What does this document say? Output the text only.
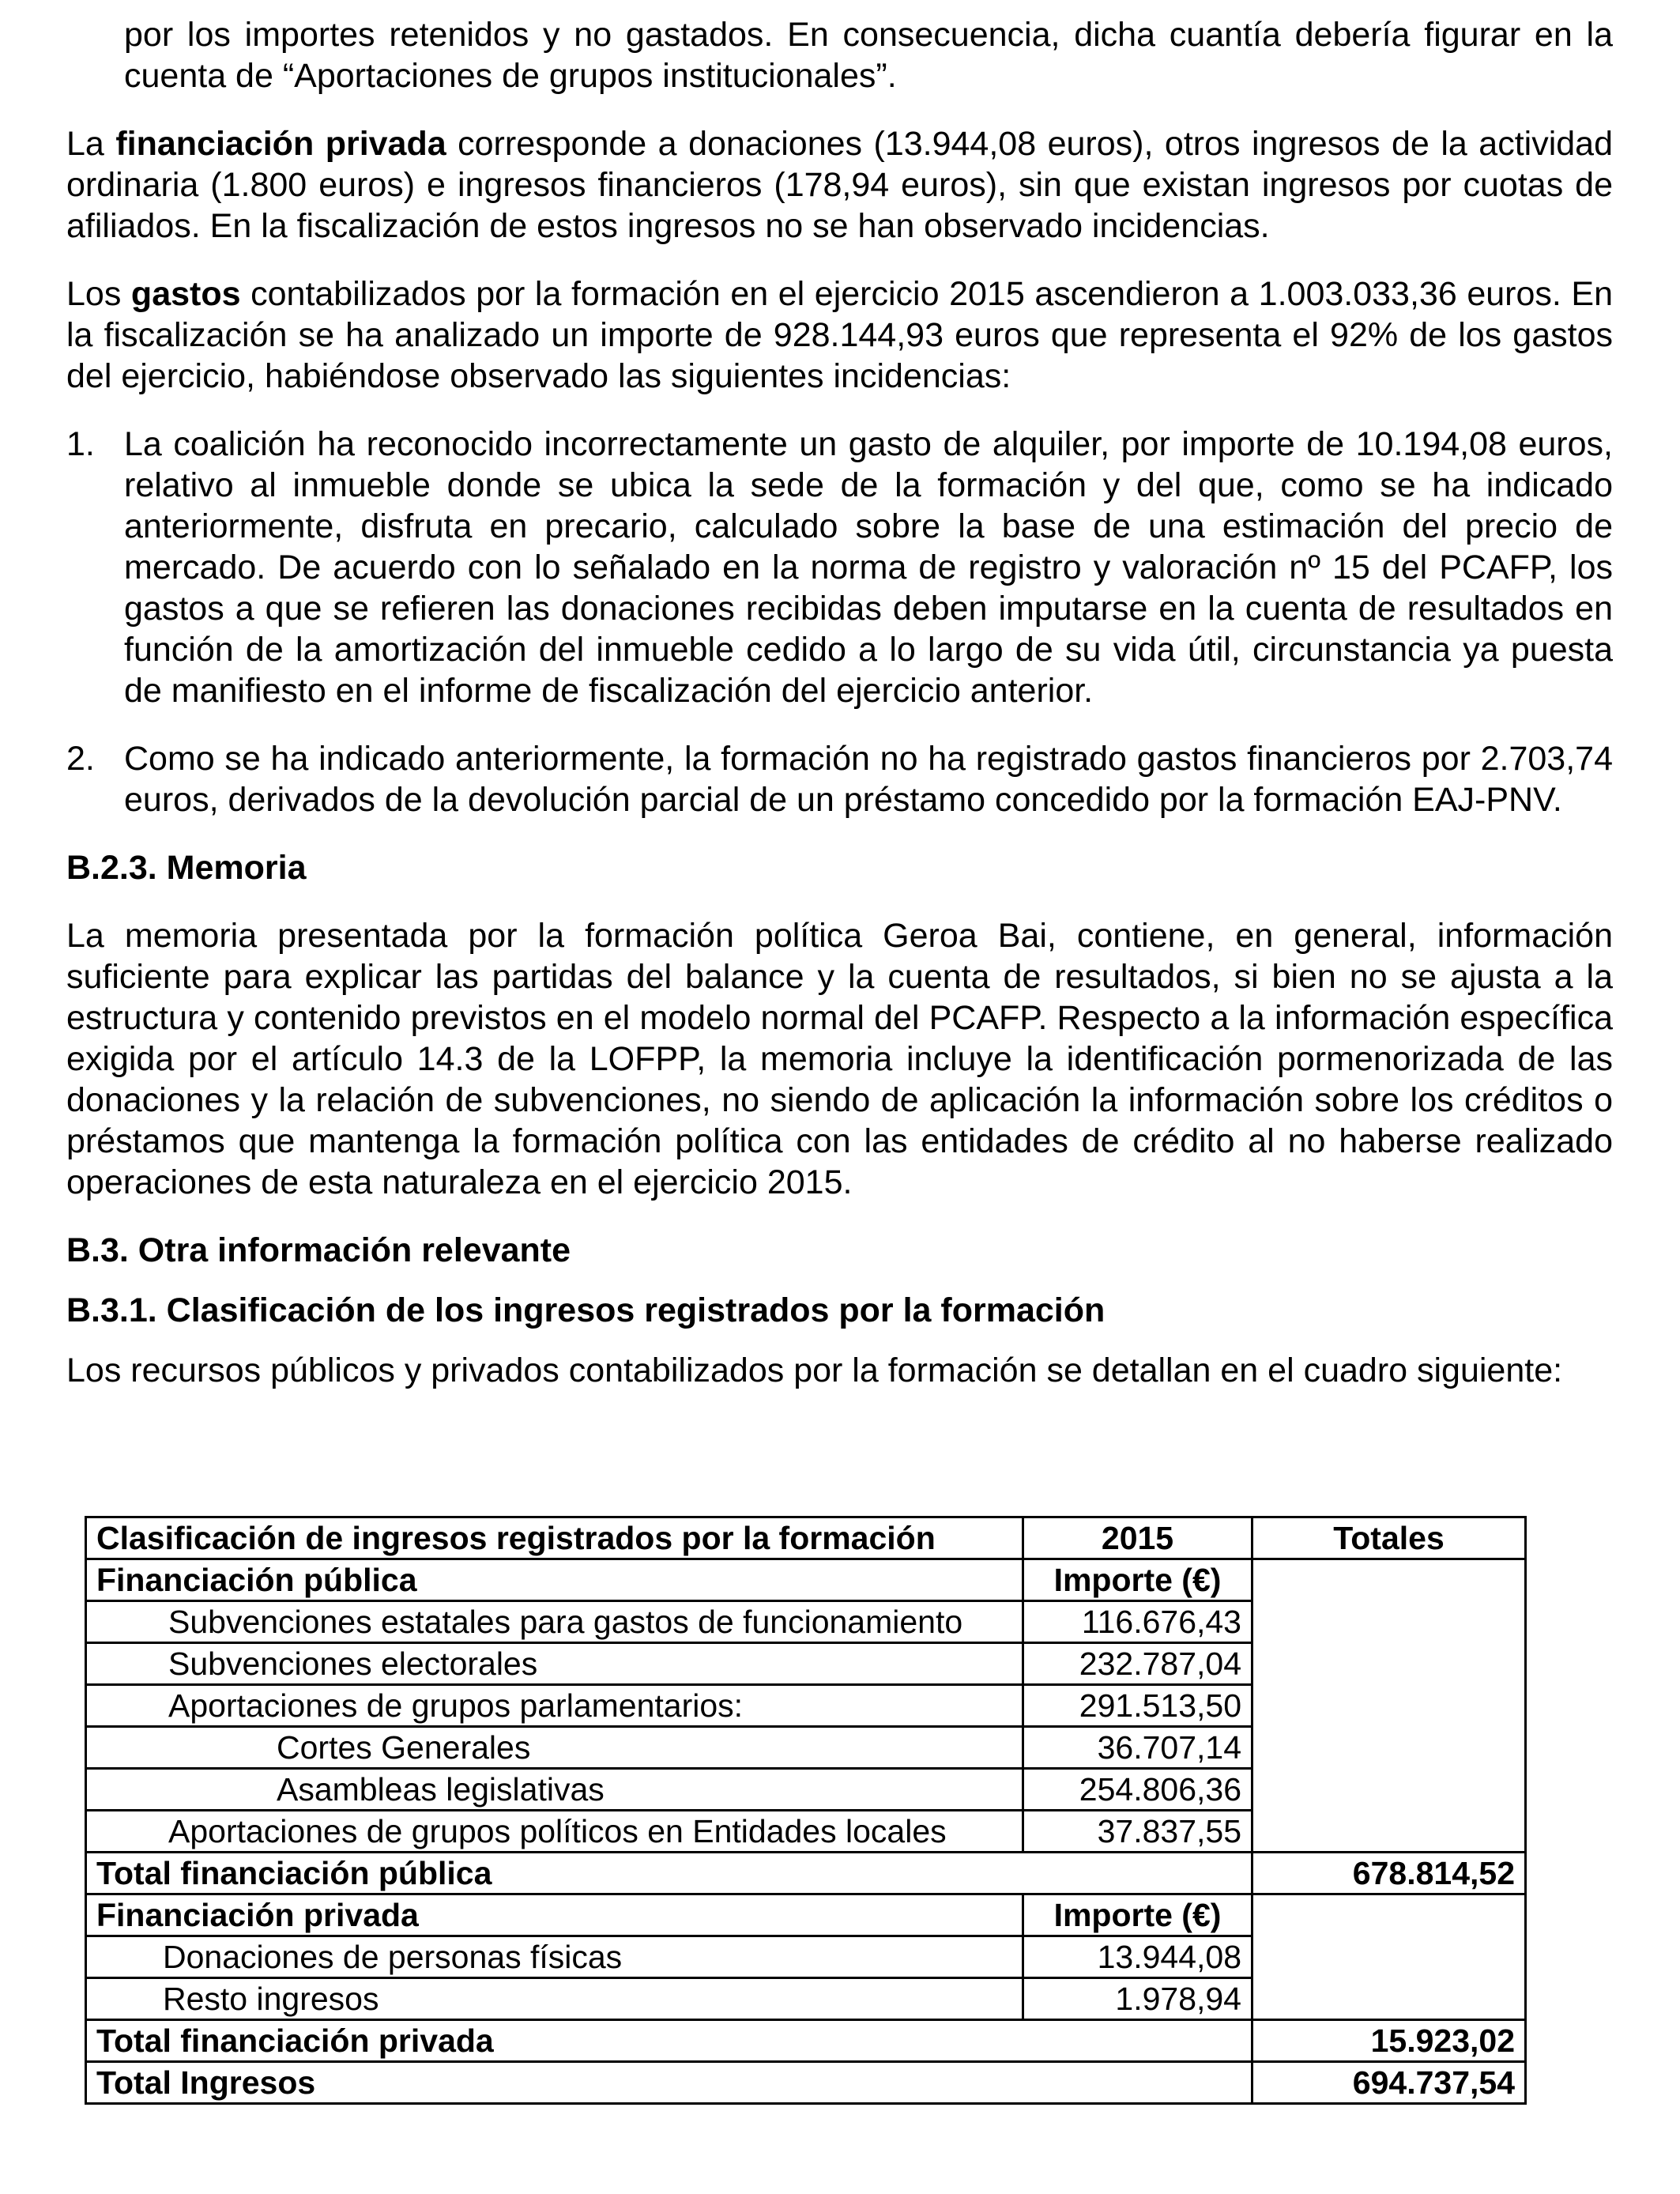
por los importes retenidos y no gastados. En consecuencia, dicha cuantía debería figurar en la cuenta de “Aportaciones de grupos institucionales”.

La financiación privada corresponde a donaciones (13.944,08 euros), otros ingresos de la actividad ordinaria (1.800 euros) e ingresos financieros (178,94 euros), sin que existan ingresos por cuotas de afiliados. En la fiscalización de estos ingresos no se han observado incidencias.

Los gastos contabilizados por la formación en el ejercicio 2015 ascendieron a 1.003.033,36 euros. En la fiscalización se ha analizado un importe de 928.144,93 euros que representa el 92% de los gastos del ejercicio, habiéndose observado las siguientes incidencias:

1. La coalición ha reconocido incorrectamente un gasto de alquiler, por importe de 10.194,08 euros, relativo al inmueble donde se ubica la sede de la formación y del que, como se ha indicado anteriormente, disfruta en precario, calculado sobre la base de una estimación del precio de mercado. De acuerdo con lo señalado en la norma de registro y valoración nº 15 del PCAFP, los gastos a que se refieren las donaciones recibidas deben imputarse en la cuenta de resultados en función de la amortización del inmueble cedido a lo largo de su vida útil, circunstancia ya puesta de manifiesto en el informe de fiscalización del ejercicio anterior.

2. Como se ha indicado anteriormente, la formación no ha registrado gastos financieros por 2.703,74 euros, derivados de la devolución parcial de un préstamo concedido por la formación EAJ-PNV.

B.2.3. Memoria

La memoria presentada por la formación política Geroa Bai, contiene, en general, información suficiente para explicar las partidas del balance y la cuenta de resultados, si bien no se ajusta a la estructura y contenido previstos en el modelo normal del PCAFP. Respecto a la información específica exigida por el artículo 14.3 de la LOFPP, la memoria incluye la identificación pormenorizada de las donaciones y la relación de subvenciones, no siendo de aplicación la información sobre los créditos o préstamos que mantenga la formación política con las entidades de crédito al no haberse realizado operaciones de esta naturaleza en el ejercicio 2015.

B.3. Otra información relevante
B.3.1. Clasificación de los ingresos registrados por la formación

Los recursos públicos y privados contabilizados por la formación se detallan en el cuadro siguiente:

Clasificación de ingresos registrados por la formación	2015	Totales
Financiación pública	Importe (€)	
Subvenciones estatales para gastos de funcionamiento	116.676,43	
Subvenciones electorales	232.787,04	
Aportaciones de grupos parlamentarios:	291.513,50	
Cortes Generales	36.707,14	
Asambleas legislativas	254.806,36	
Aportaciones de grupos políticos en Entidades locales	37.837,55	
Total financiación pública		678.814,52
Financiación privada	Importe (€)	
Donaciones de personas físicas	13.944,08	
Resto ingresos	1.978,94	
Total financiación privada		15.923,02
Total Ingresos		694.737,54
